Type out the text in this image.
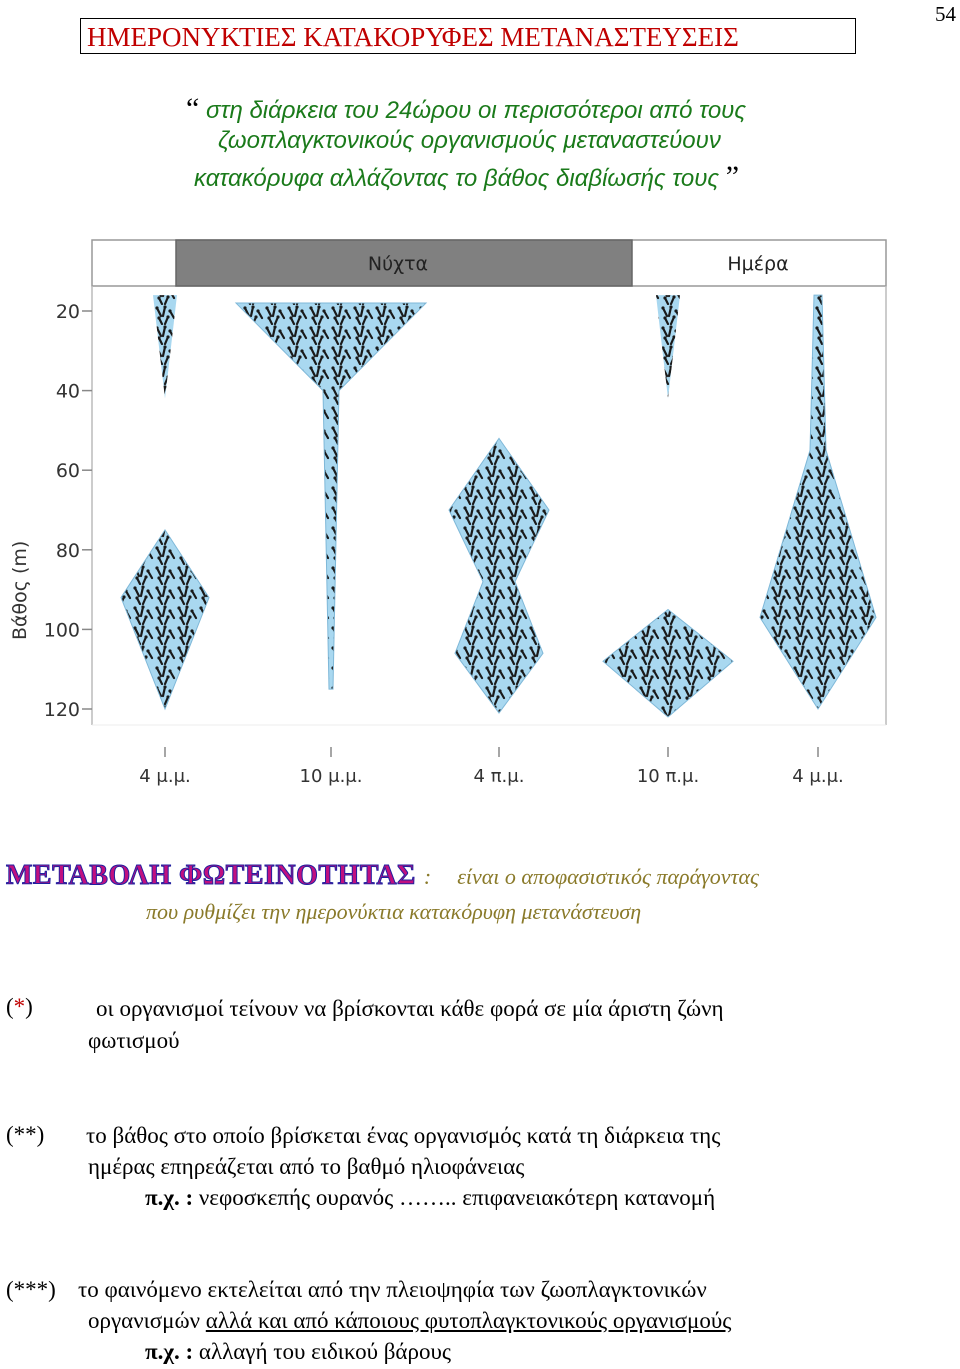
54
ΗΜΕΡΟΝΥΚΤΙΕΣ ΚΑΤΑΚΟΡΥΦΕΣ ΜΕΤΑΝΑΣΤΕΥΣΕΙΣ
“ στη διάρκεια του 24ώρου οι περισσότεροι από τους
ζωοπλαγκτονικούς οργανισμούς μεταναστεύουν
κατακόρυφα αλλάζοντας το βάθος διαβίωσής τους ”
Νύχτα	Ημέρα
Βάθος (m)
20
40
60
80
100
120
4 μ.μ.	10 μ.μ.	4 π.μ.	10 π.μ.	4 μ.μ.
ΜΕΤΑΒΟΛΗ ΦΩΤΕΙΝΟΤΗΤΑΣ : είναι ο αποφασιστικός παράγοντας
που ρυθμίζει την ημερονύκτια κατακόρυφη μετανάστευση
(*)	οι οργανισμοί τείνουν να βρίσκονται κάθε φορά σε μία άριστη ζώνη
φωτισμού
(**) το βάθος στο οποίο βρίσκεται ένας οργανισμός κατά τη διάρκεια της
ημέρας επηρεάζεται από το βαθμό ηλιοφάνειας
π.χ. : νεφοσκεπής ουρανός …….. επιφανειακότερη κατανομή
(***) το φαινόμενο εκτελείται από την πλειοψηφία των ζωοπλαγκτονικών
οργανισμών αλλά και από κάποιους φυτοπλαγκτονικούς οργανισμούς
π.χ. : αλλαγή του ειδικού βάρους
